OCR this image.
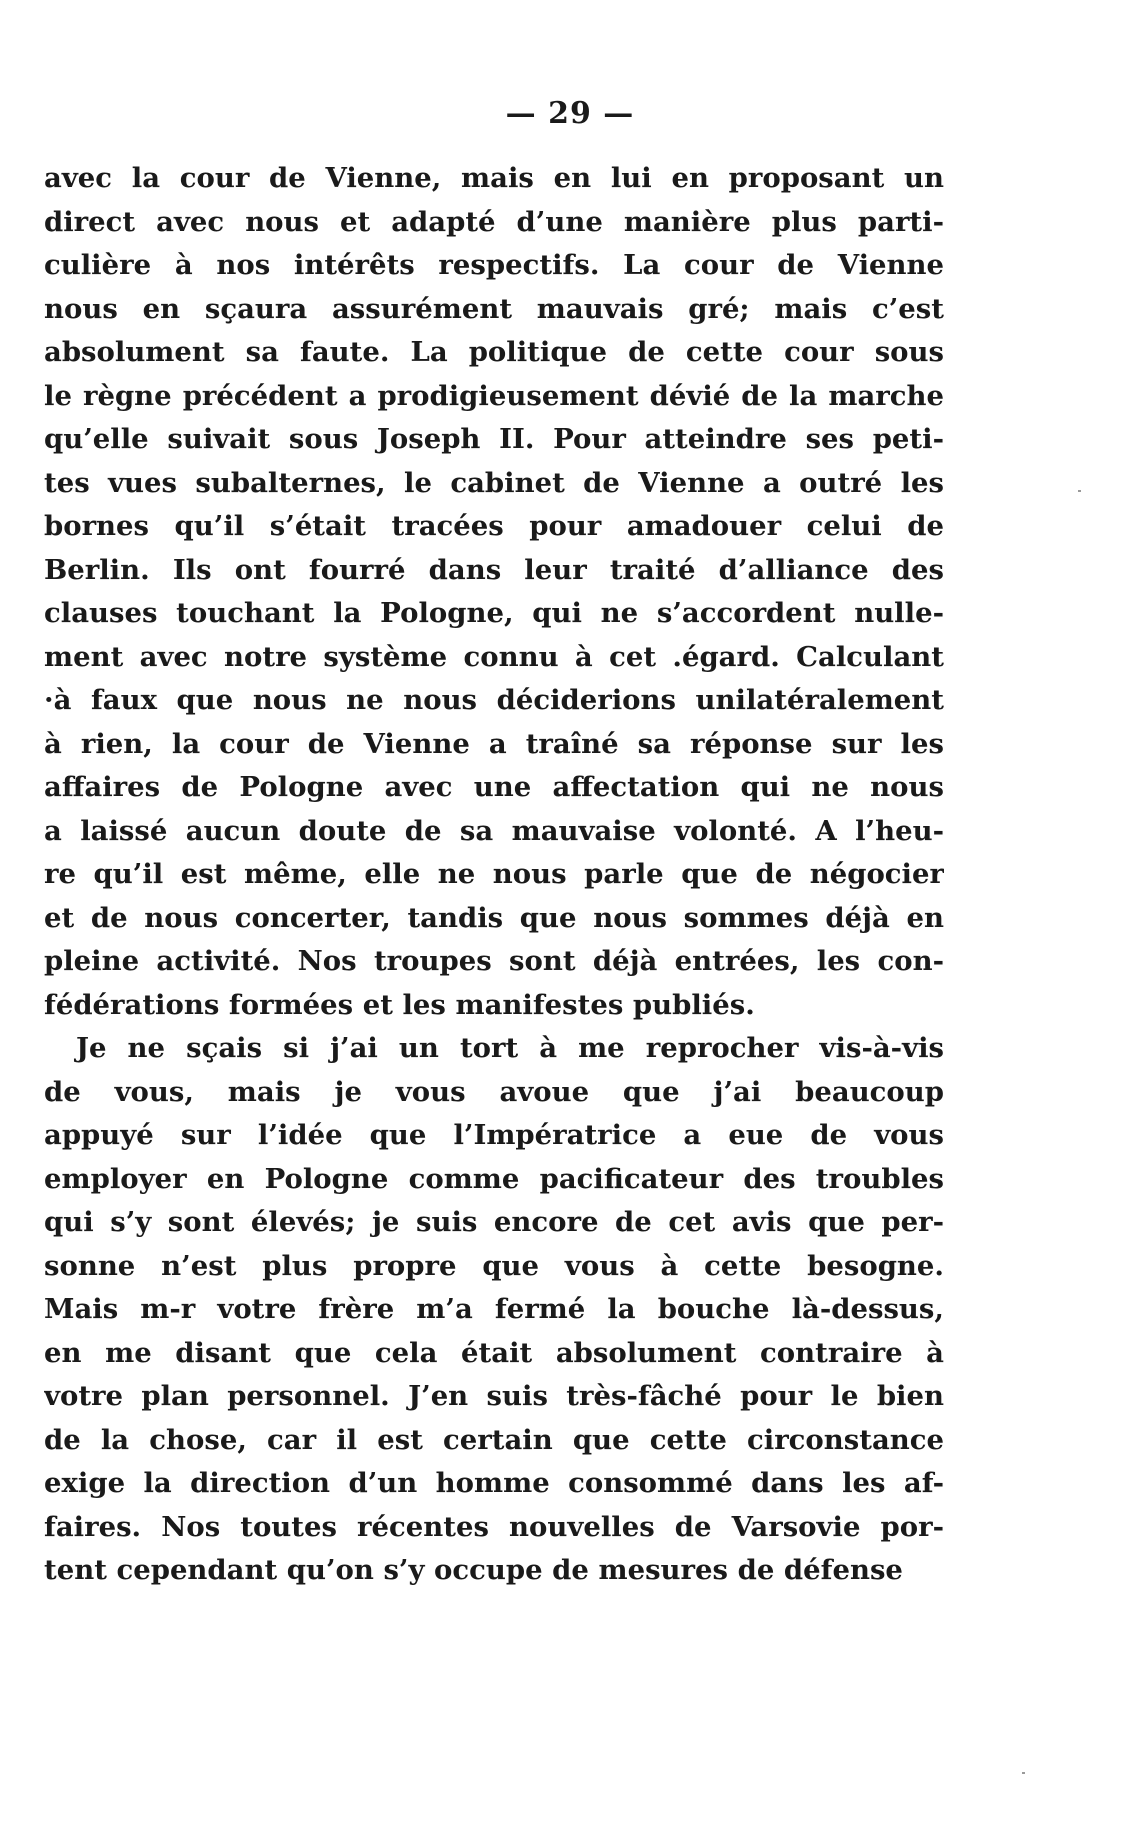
— 29 —
avec la cour de Vienne, mais en lui en proposant un
direct avec nous et adapté d’une manière plus parti-
culière à nos intérêts respectifs. La cour de Vienne
nous en sçaura assurément mauvais gré; mais c’est
absolument sa faute. La politique de cette cour sous
le règne précédent a prodigieusement dévié de la marche
qu’elle suivait sous Joseph II. Pour atteindre ses peti-
tes vues subalternes, le cabinet de Vienne a outré les
bornes qu’il s’était tracées pour amadouer celui de
Berlin. Ils ont fourré dans leur traité d’alliance des
clauses touchant la Pologne, qui ne s’accordent nulle-
ment avec notre système connu à cet .égard. Calculant
·à faux que nous ne nous déciderions unilatéralement
à rien, la cour de Vienne a traîné sa réponse sur les
affaires de Pologne avec une affectation qui ne nous
a laissé aucun doute de sa mauvaise volonté. A l’heu-
re qu’il est même, elle ne nous parle que de négocier
et de nous concerter, tandis que nous sommes déjà en
pleine activité. Nos troupes sont déjà entrées, les con-
fédérations formées et les manifestes publiés.
Je ne sçais si j’ai un tort à me reprocher vis-à-vis
de vous, mais je vous avoue que j’ai beaucoup
appuyé sur l’idée que l’Impératrice a eue de vous
employer en Pologne comme pacificateur des troubles
qui s’y sont élevés; je suis encore de cet avis que per-
sonne n’est plus propre que vous à cette besogne.
Mais m-r votre frère m’a fermé la bouche là-dessus,
en me disant que cela était absolument contraire à
votre plan personnel. J’en suis très-fâché pour le bien
de la chose, car il est certain que cette circonstance
exige la direction d’un homme consommé dans les af-
faires. Nos toutes récentes nouvelles de Varsovie por-
tent cependant qu’on s’y occupe de mesures de défense
